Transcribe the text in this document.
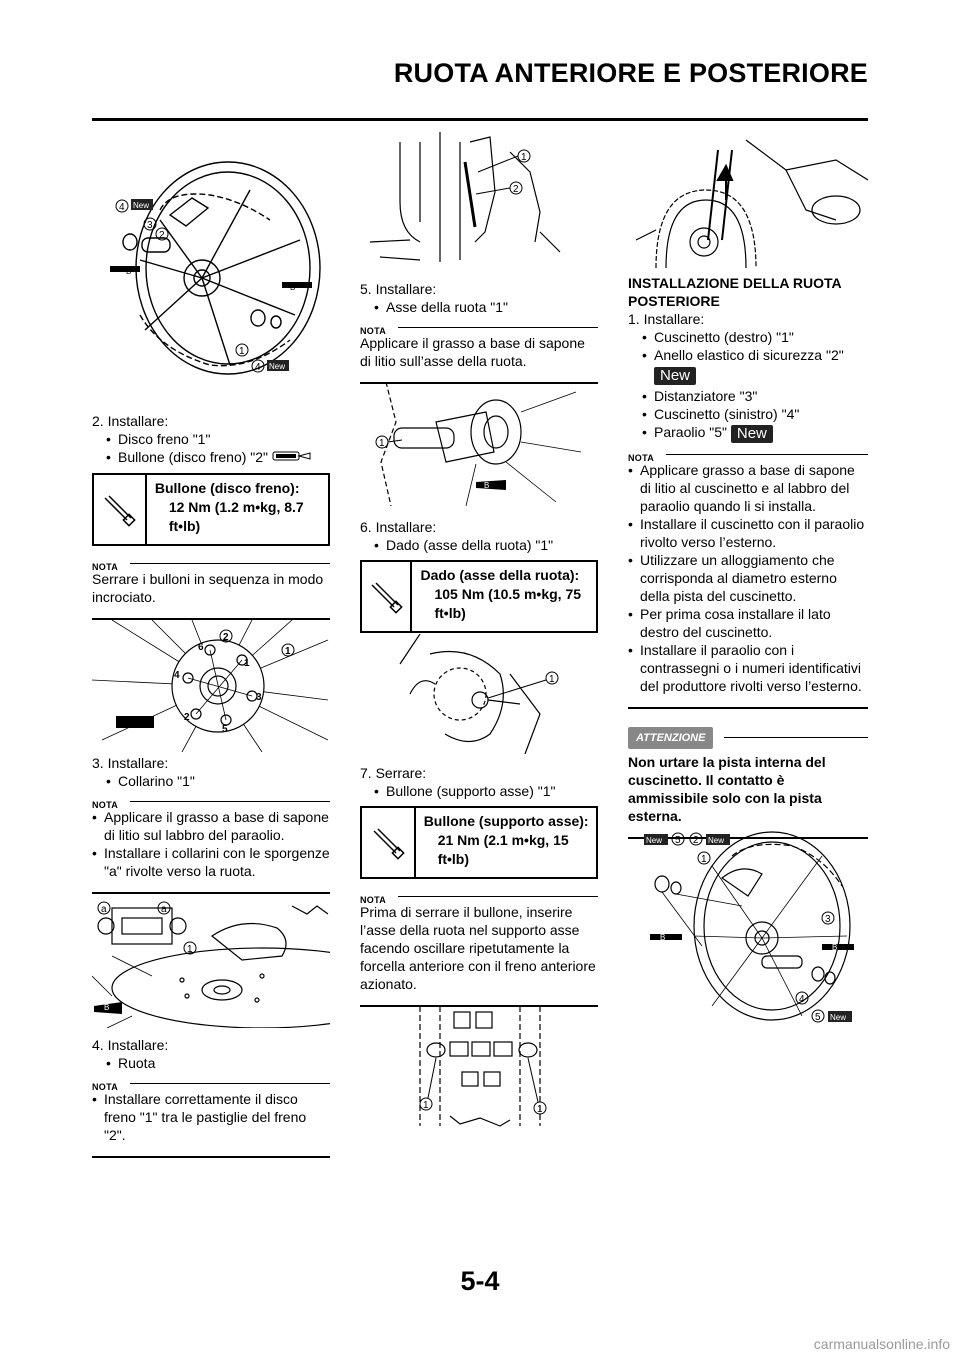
RUOTA ANTERIORE E POSTERIORE
4 New
3
2
1
4 New
B
B
2. Installare:
• Disco freno "1"
• Bullone (disco freno) "2"
Bullone (disco freno):
12 Nm (1.2 m•kg, 8.7 ft•lb)
NOTA
Serrare i bulloni in sequenza in modo incrociato.
2
1
6
1
4
3
2
5
3. Installare:
• Collarino "1"
NOTA
• Applicare il grasso a base di sapone di litio sul labbro del paraolio.
• Installare i collarini con le sporgenze "a" rivolte verso la ruota.
a	a
1
B
4. Installare:
• Ruota
NOTA
• Installare correttamente il disco freno "1" tra le pastiglie del freno "2".
1
2
5. Installare:
• Asse della ruota "1"
NOTA
Applicare il grasso a base di sapone di litio sull’asse della ruota.
1
B
6. Installare:
• Dado (asse della ruota) "1"
Dado (asse della ruota):
105 Nm (10.5 m•kg, 75 ft•lb)
1
7. Serrare:
• Bullone (supporto asse) "1"
Bullone (supporto asse):
21 Nm (2.1 m•kg, 15 ft•lb)
NOTA
Prima di serrare il bullone, inserire l’asse della ruota nel supporto asse facendo oscillare ripetutamente la forcella anteriore con il freno anteriore azionato.
1	1
INSTALLAZIONE DELLA RUOTA POSTERIORE
1. Installare:
• Cuscinetto (destro) "1"
• Anello elastico di sicurezza "2"
New
• Distanziatore "3"
• Cuscinetto (sinistro) "4"
• Paraolio "5" New
NOTA
• Applicare grasso a base di sapone di litio al cuscinetto e al labbro del paraolio quando li si installa.
• Installare il cuscinetto con il paraolio rivolto verso l’esterno.
• Utilizzare un alloggiamento che corrisponda al diametro esterno della pista del cuscinetto.
• Per prima cosa installare il lato destro del cuscinetto.
• Installare il paraolio con i contrassegni o i numeri identificativi del produttore rivolti verso l’esterno.
ATTENZIONE
Non urtare la pista interna del cuscinetto. Il contatto è ammissibile solo con la pista esterna.
New 5 2 New
1
3
B
B
4
5 New
5-4
carmanualsonline.info
